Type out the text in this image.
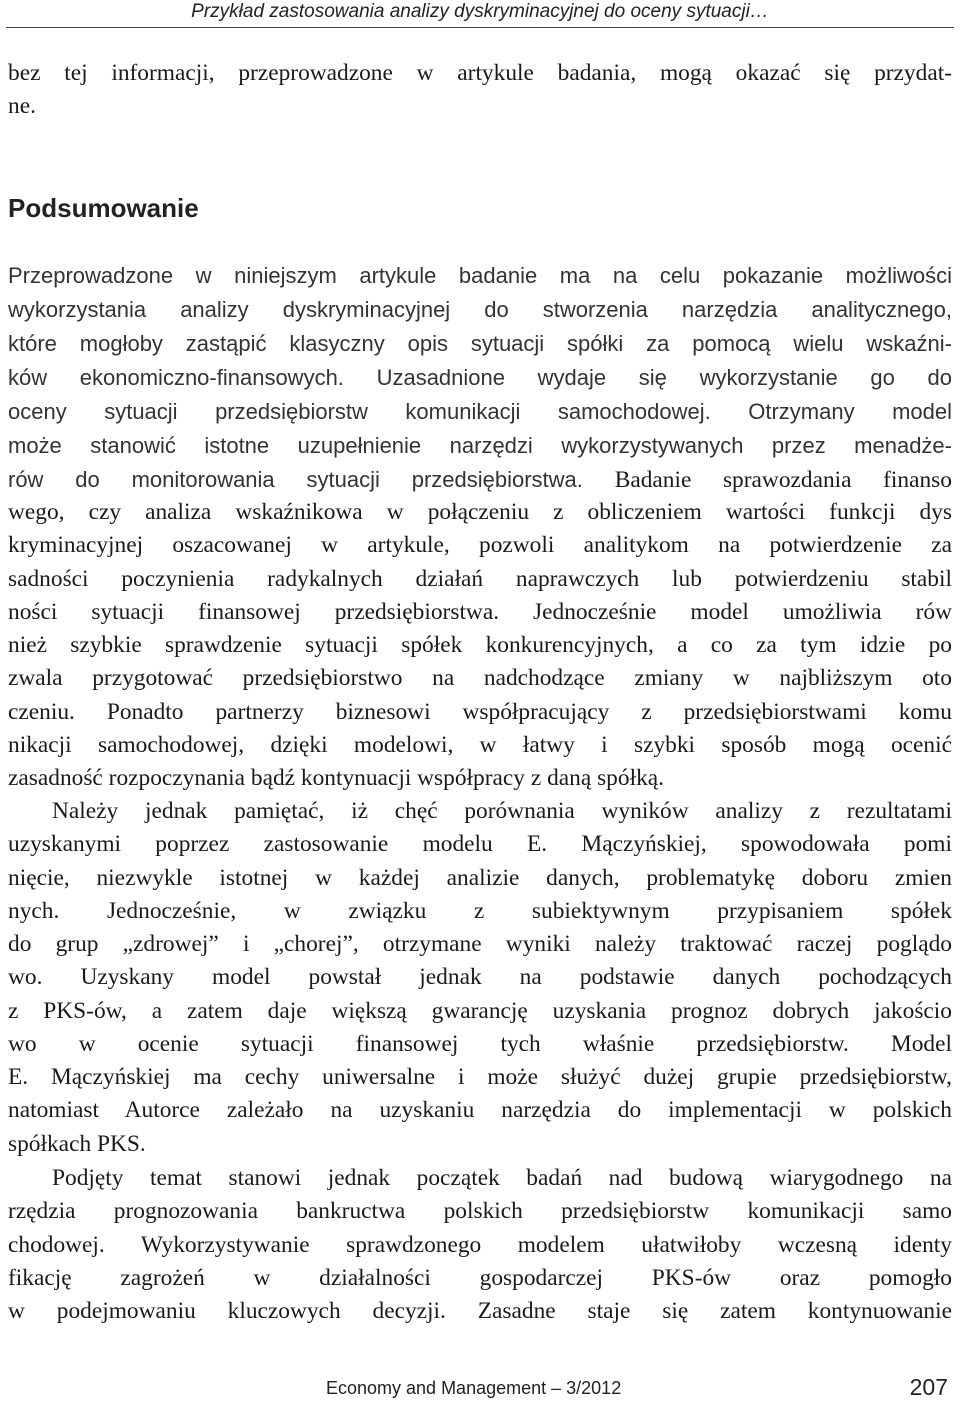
Przykład zastosowania analizy dyskryminacyjnej do oceny sytuacji…
bez tej informacji, przeprowadzone w artykule badania, mogą okazać się przydat-
ne.
Podsumowanie
Przeprowadzone w niniejszym artykule badanie ma na celu pokazanie możliwości
wykorzystania analizy dyskryminacyjnej do stworzenia narzędzia analitycznego,
które mogłoby zastąpić klasyczny opis sytuacji spółki za pomocą wielu wskaźni-
ków ekonomiczno-finansowych. Uzasadnione wydaje się wykorzystanie go do
oceny sytuacji przedsiębiorstw komunikacji samochodowej. Otrzymany model
może stanowić istotne uzupełnienie narzędzi wykorzystywanych przez menadże-
rów do monitorowania sytuacji przedsiębiorstwa. Badanie sprawozdania finanso
wego, czy analiza wskaźnikowa w połączeniu z obliczeniem wartości funkcji dys
kryminacyjnej oszacowanej w artykule, pozwoli analitykom na potwierdzenie za
sadności poczynienia radykalnych działań naprawczych lub potwierdzeniu stabil
ności sytuacji finansowej przedsiębiorstwa. Jednocześnie model umożliwia rów
nież szybkie sprawdzenie sytuacji spółek konkurencyjnych, a co za tym idzie po
zwala przygotować przedsiębiorstwo na nadchodzące zmiany w najbliższym oto
czeniu. Ponadto partnerzy biznesowi współpracujący z przedsiębiorstwami komu
nikacji samochodowej, dzięki modelowi, w łatwy i szybki sposób mogą ocenić
zasadność rozpoczynania bądź kontynuacji współpracy z daną spółką.
Należy jednak pamiętać, iż chęć porównania wyników analizy z rezultatami
uzyskanymi poprzez zastosowanie modelu E. Mączyńskiej, spowodowała pomi
nięcie, niezwykle istotnej w każdej analizie danych, problematykę doboru zmien
nych. Jednocześnie, w związku z subiektywnym przypisaniem spółek
do grup „zdrowej” i „chorej”, otrzymane wyniki należy traktować raczej poglądo
wo. Uzyskany model powstał jednak na podstawie danych pochodzących
z PKS-ów, a zatem daje większą gwarancję uzyskania prognoz dobrych jakościo
wo w ocenie sytuacji finansowej tych właśnie przedsiębiorstw. Model
E. Mączyńskiej ma cechy uniwersalne i może służyć dużej grupie przedsiębiorstw,
natomiast Autorce zależało na uzyskaniu narzędzia do implementacji w polskich
spółkach PKS.
Podjęty temat stanowi jednak początek badań nad budową wiarygodnego na
rzędzia prognozowania bankructwa polskich przedsiębiorstw komunikacji samo
chodowej. Wykorzystywanie sprawdzonego modelem ułatwiłoby wczesną identy
fikację zagrożeń w działalności gospodarczej PKS-ów oraz pomogło
w podejmowaniu kluczowych decyzji. Zasadne staje się zatem kontynuowanie
Economy and Management – 3/2012	207
